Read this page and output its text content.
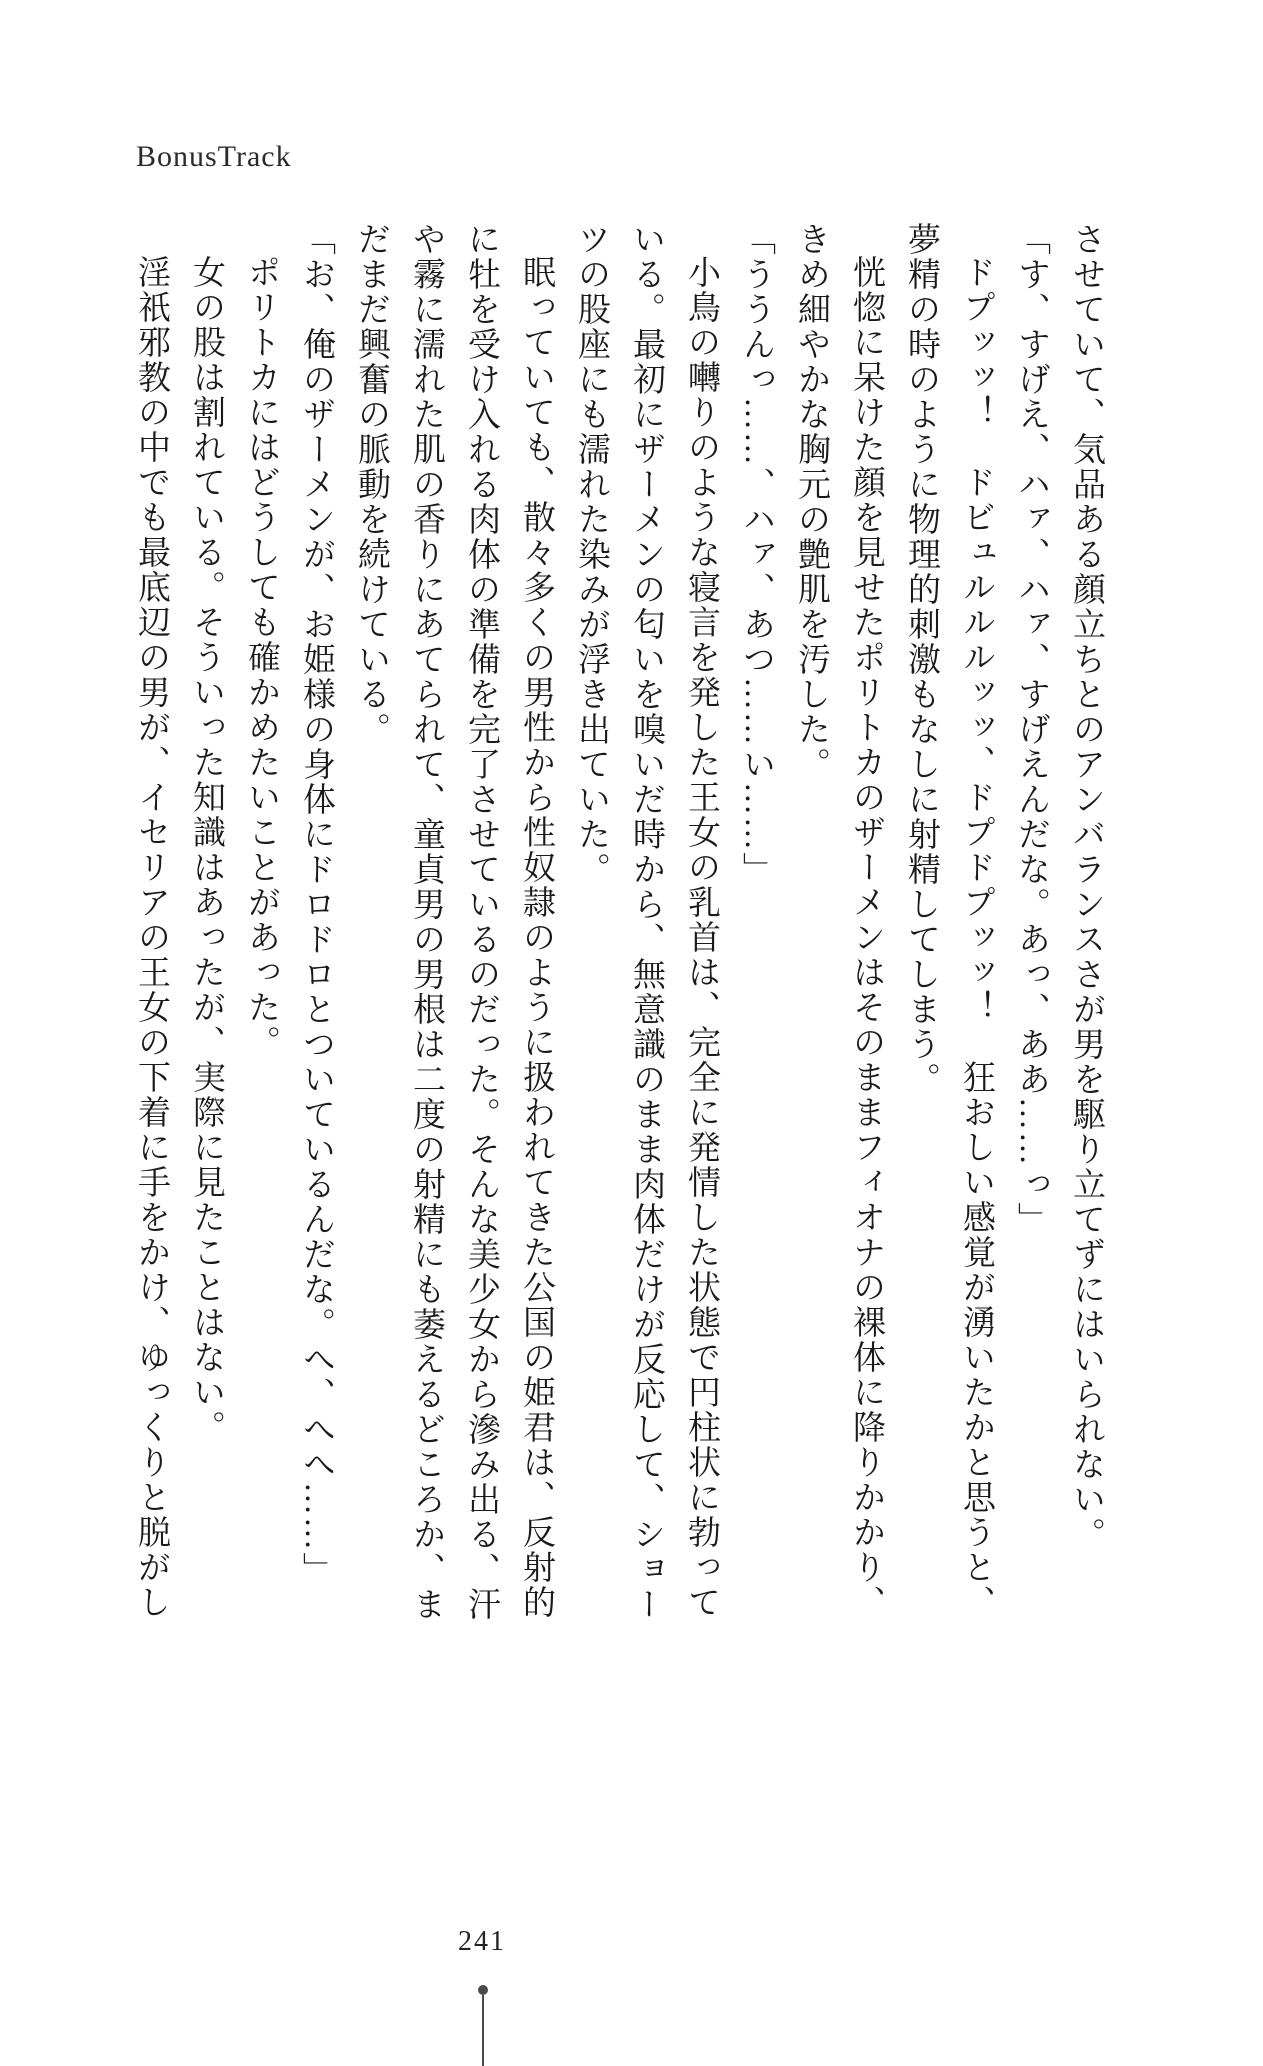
BonusTrack

させていて、気品ある顔立ちとのアンバランスさが男を駆り立てずにはいられない。

「す、すげえ、ハァ、ハァ、すげえんだな。あっ、ああ……っ」

ドプッッ！　ドビュルルルッッ、ドプドプッッ！　狂おしい感覚が湧いたかと思うと、夢精の時のように物理的刺激もなしに射精してしまう。

恍惚に呆けた顔を見せたポリトカのザーメンはそのままフィオナの裸体に降りかかり、きめ細やかな胸元の艶肌を汚した。

「ううんっ……、ハァ、あつ……い……」

小鳥の囀りのような寝言を発した王女の乳首は、完全に発情した状態で円柱状に勃っている。最初にザーメンの匂いを嗅いだ時から、無意識のまま肉体だけが反応して、ショーツの股座にも濡れた染みが浮き出ていた。

眠っていても、散々多くの男性から性奴隷のように扱われてきた公国の姫君は、反射的に牡を受け入れる肉体の準備を完了させているのだった。そんな美少女から滲み出る、汗や霧に濡れた肌の香りにあてられて、童貞男の男根は二度の射精にも萎えるどころか、まだまだ興奮の脈動を続けている。

「お、俺のザーメンが、お姫様の身体にドロドロとついているんだな。へ、へへ……」

ポリトカにはどうしても確かめたいことがあった。

女の股は割れている。そういった知識はあったが、実際に見たことはない。

淫祇邪教の中でも最底辺の男が、イセリアの王女の下着に手をかけ、ゆっくりと脱がし

241
